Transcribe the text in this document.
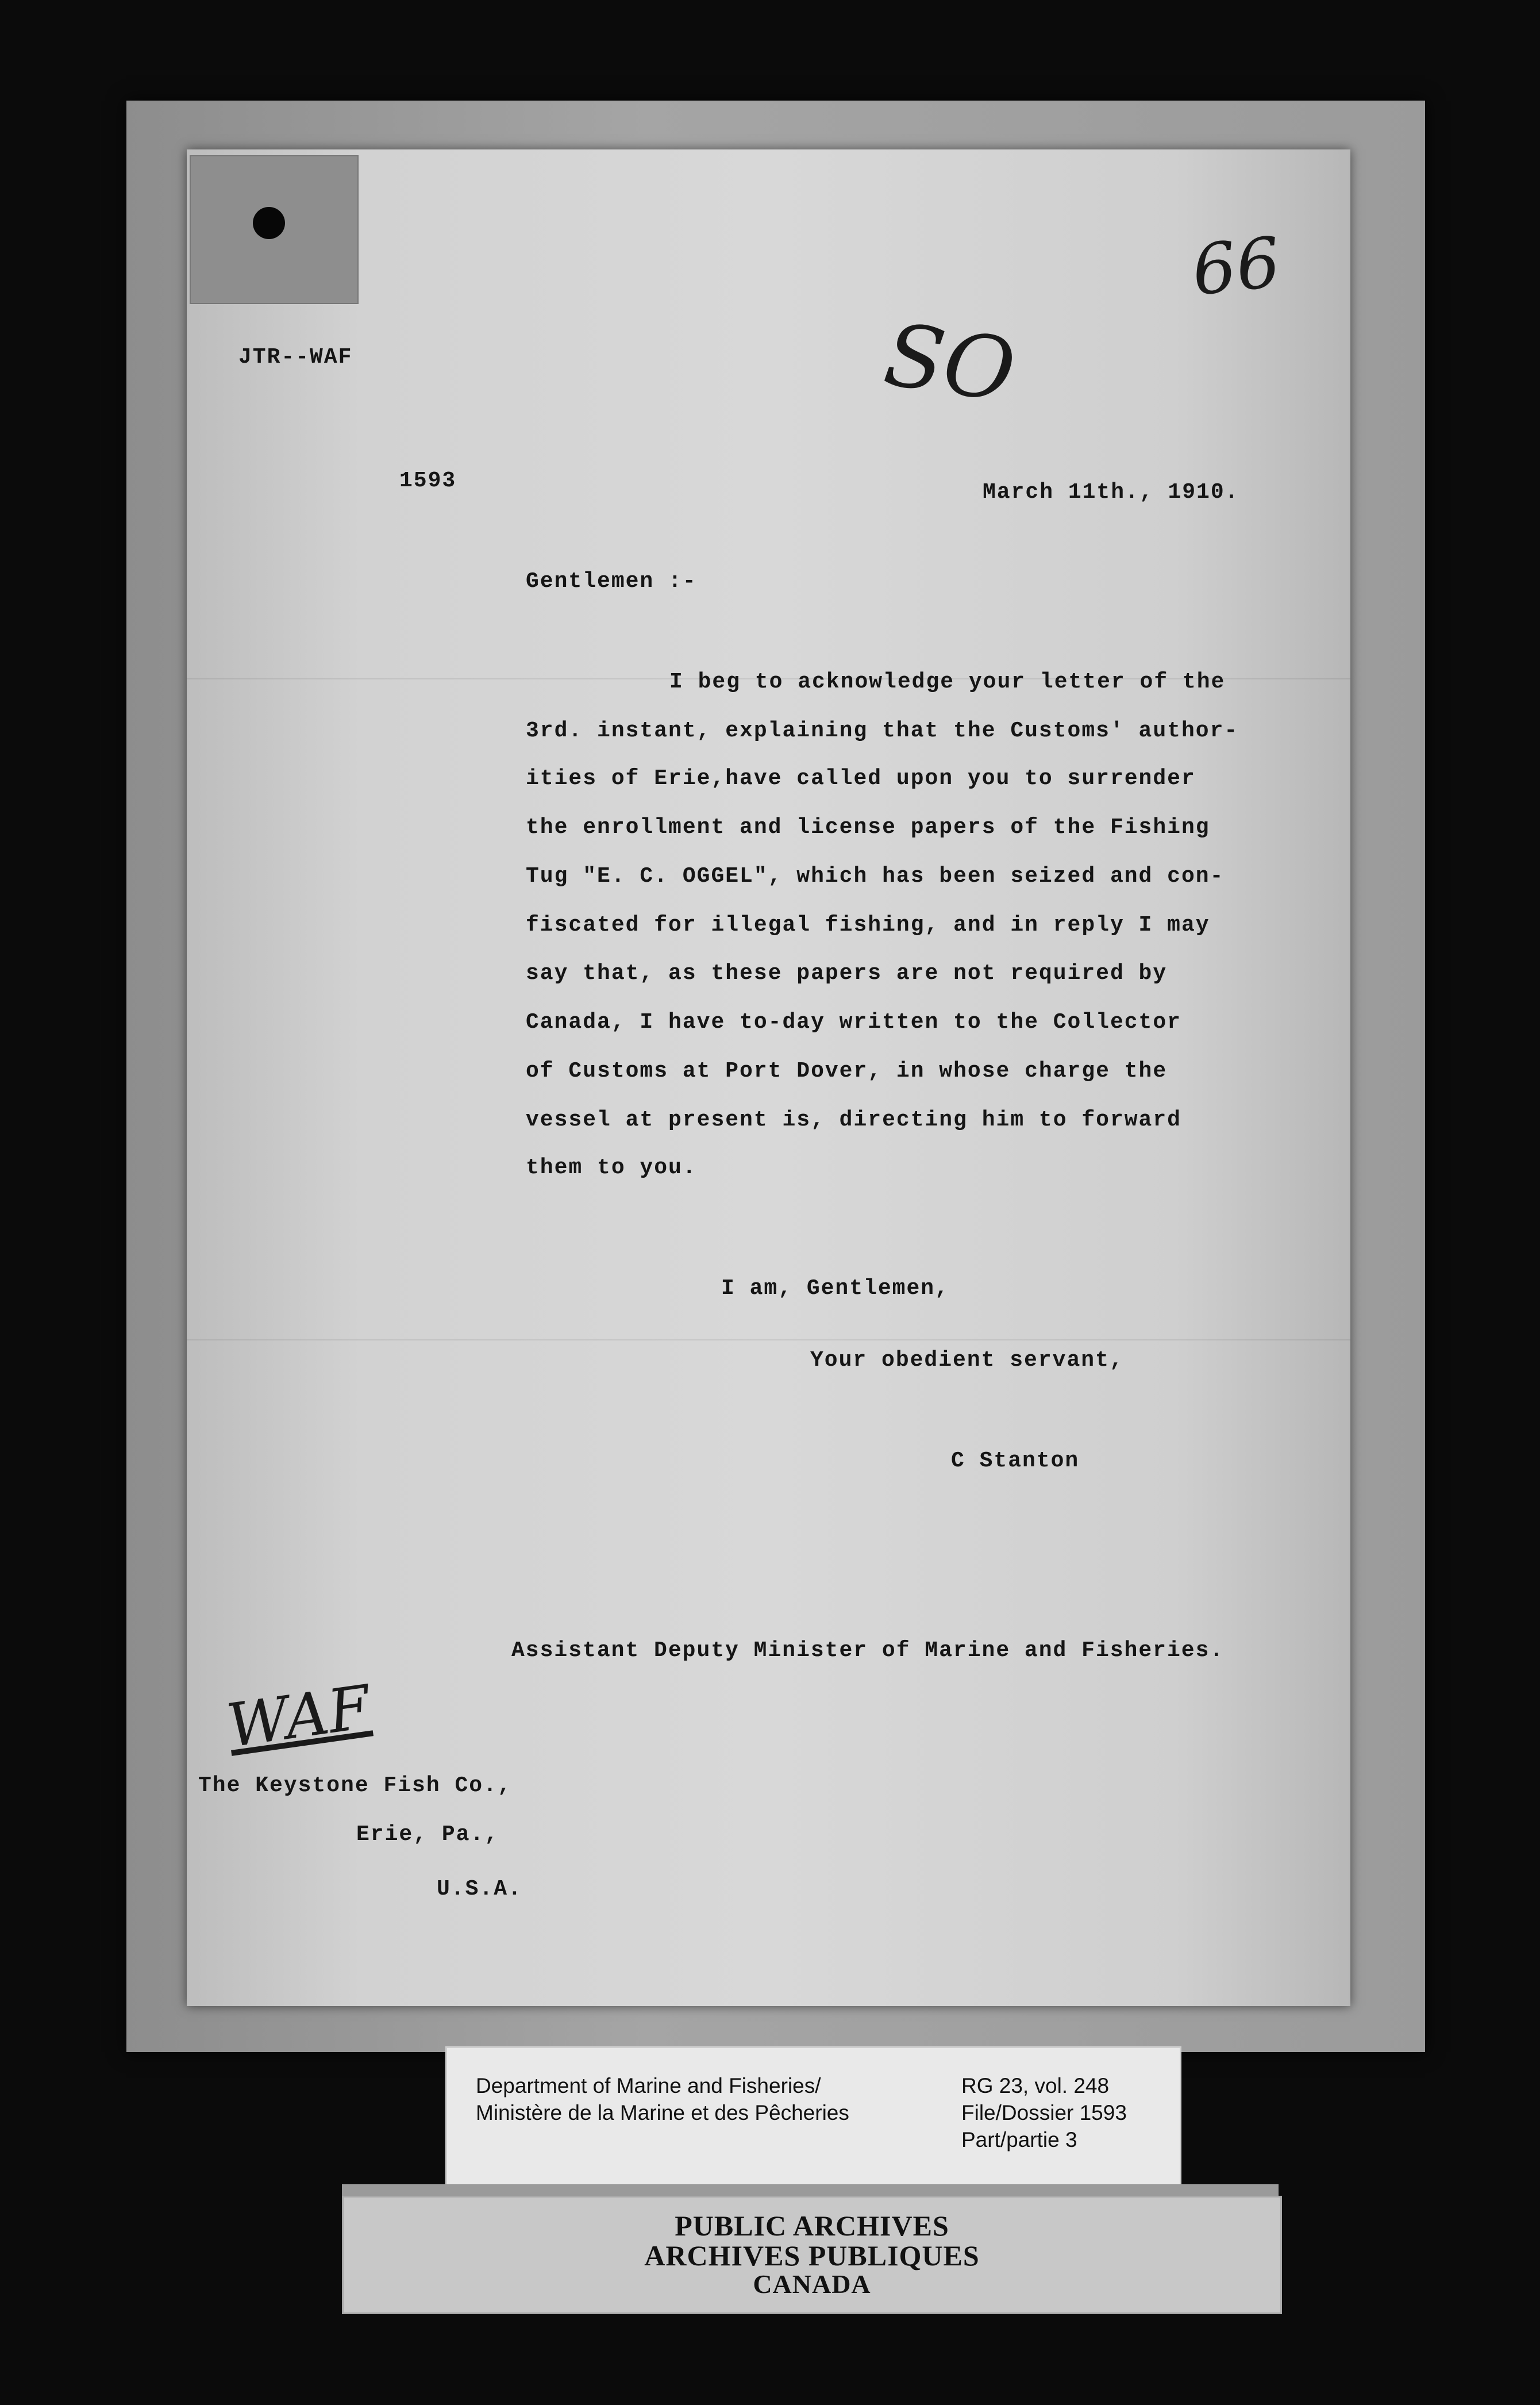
66
SO
WAF
JTR--WAF
1593	March 11th., 1910.
Gentlemen :-
I beg to acknowledge your letter of the
3rd. instant, explaining that the Customs' author-
ities of Erie,have called upon you to surrender
the enrollment and license papers of the Fishing
Tug "E. C. OGGEL", which has been seized and con-
fiscated for illegal fishing, and in reply I may
say that, as these papers are not required by
Canada, I have to-day written to the Collector
of Customs at Port Dover, in whose charge the
vessel at present is, directing him to forward
them to you.
I am, Gentlemen,
Your obedient servant,
C Stanton
Assistant Deputy Minister of Marine and Fisheries.
The Keystone Fish Co.,
Erie, Pa.,
U.S.A.
Department of Marine and Fisheries/
Ministère de la Marine et des Pêcheries
RG 23, vol. 248
File/Dossier 1593
Part/partie 3
PUBLIC ARCHIVES
ARCHIVES PUBLIQUES
CANADA
